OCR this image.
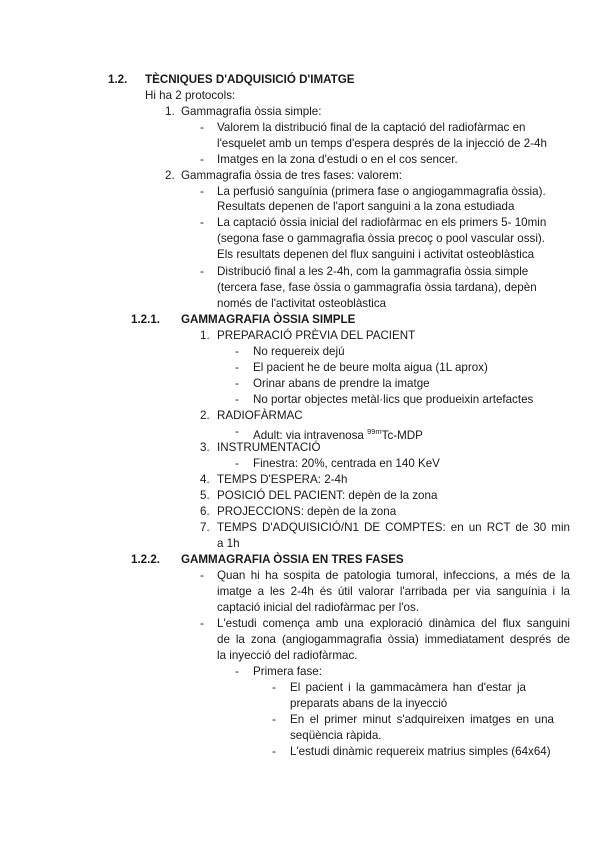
1.2. TÈCNIQUES D'ADQUISICIÓ D'IMATGE
Hi ha 2 protocols:
1. Gammagrafia òssia simple:
- Valorem la distribució final de la captació del radiofàrmac en
l'esquelet amb un temps d'espera després de la injecció de 2-4h
- Imatges en la zona d'estudi o en el cos sencer.
2. Gammagrafia òssia de tres fases: valorem:
- La perfusió sanguínia (primera fase o angiogammagrafia òssia).
Resultats depenen de l'aport sanguini a la zona estudiada
- La captació òssia inicial del radiofàrmac en els primers 5- 10min
(segona fase o gammagrafia òssia precoç o pool vascular ossi).
Els resultats depenen del flux sanguini i activitat osteoblàstica
- Distribució final a les 2-4h, com la gammagrafia òssia simple
(tercera fase, fase òssia o gammagrafia òssia tardana), depèn
només de l'activitat osteoblàstica
1.2.1. GAMMAGRAFIA ÒSSIA SIMPLE
1. PREPARACIÓ PRÈVIA DEL PACIENT
- No requereix dejú
- El pacient he de beure molta aigua (1L aprox)
- Orinar abans de prendre la imatge
- No portar objectes metàl·lics que produeixin artefactes
2. RADIOFÀRMAC
- Adult: via intravenosa $^{99m}$Tc-MDP
3. INSTRUMENTACIÓ
- Finestra: 20%, centrada en 140 KeV
4. TEMPS D'ESPERA: 2-4h
5. POSICIÓ DEL PACIENT: depèn de la zona
6. PROJECCIONS: depèn de la zona
7. TEMPS D'ADQUISICIÓ/N1 DE COMPTES: en un RCT de 30 min
a 1h
1.2.2. GAMMAGRAFIA ÒSSIA EN TRES FASES
- Quan hi ha sospita de patologia tumoral, infeccions, a més de la
imatge a les 2-4h és útil valorar l'arribada per via sanguínia i la
captació inicial del radiofàrmac per l'os.
- L'estudi comença amb una exploració dinàmica del flux sanguini
de la zona (angiogammagrafia òssia) immediatament després de
la inyecció del radiofàrmac.
- Primera fase:
- El pacient i la gammacàmera han d'estar ja
preparats abans de la inyecció
- En el primer minut s'adquireixen imatges en una
seqüència ràpida.
- L'estudi dinàmic requereix matrius simples (64x64)
